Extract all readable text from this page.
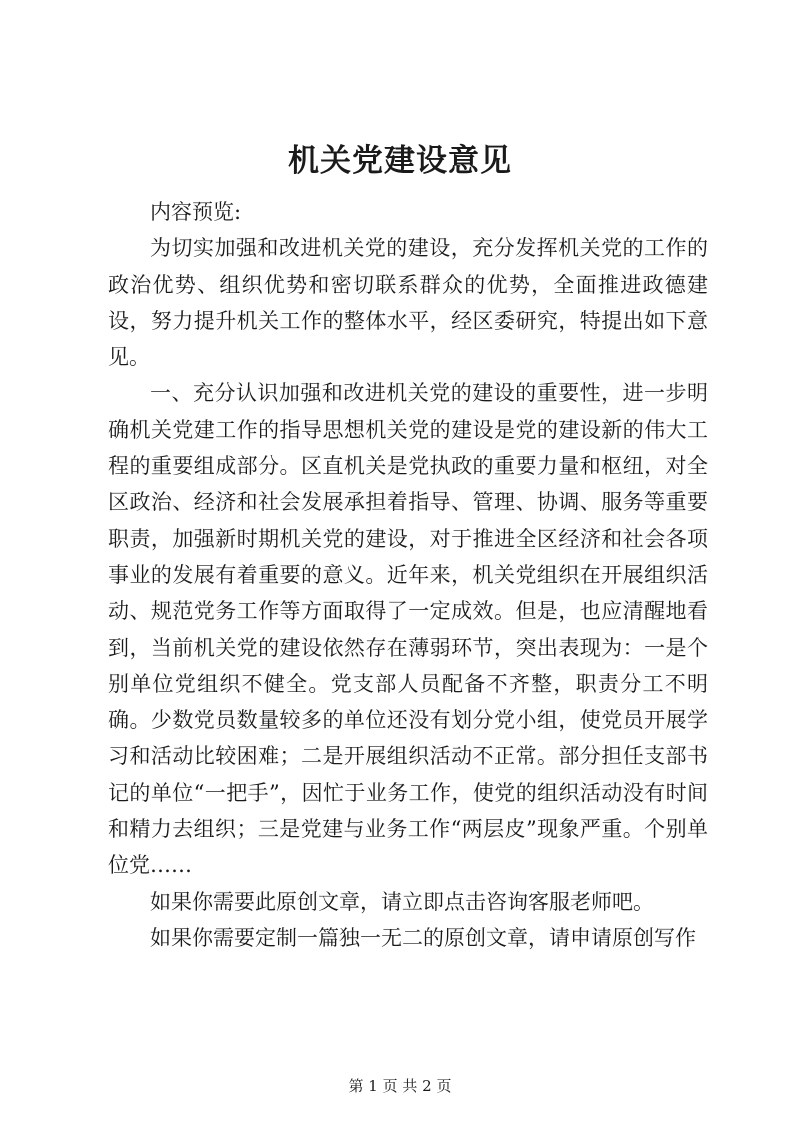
机关党建设意见

内容预览:

为切实加强和改进机关党的建设，充分发挥机关党的工作的政治优势、组织优势和密切联系群众的优势，全面推进政德建设，努力提升机关工作的整体水平，经区委研究，特提出如下意见。

一、充分认识加强和改进机关党的建设的重要性，进一步明确机关党建工作的指导思想机关党的建设是党的建设新的伟大工程的重要组成部分。区直机关是党执政的重要力量和枢纽，对全区政治、经济和社会发展承担着指导、管理、协调、服务等重要职责，加强新时期机关党的建设，对于推进全区经济和社会各项事业的发展有着重要的意义。近年来，机关党组织在开展组织活动、规范党务工作等方面取得了一定成效。但是，也应清醒地看到，当前机关党的建设依然存在薄弱环节，突出表现为：一是个别单位党组织不健全。党支部人员配备不齐整，职责分工不明确。少数党员数量较多的单位还没有划分党小组，使党员开展学习和活动比较困难；二是开展组织活动不正常。部分担任支部书记的单位“一把手”，因忙于业务工作，使党的组织活动没有时间和精力去组织；三是党建与业务工作“两层皮”现象严重。个别单位党……

如果你需要此原创文章，请立即点击咨询客服老师吧。

如果你需要定制一篇独一无二的原创文章，请申请原创写作

第 1 页 共 2 页
